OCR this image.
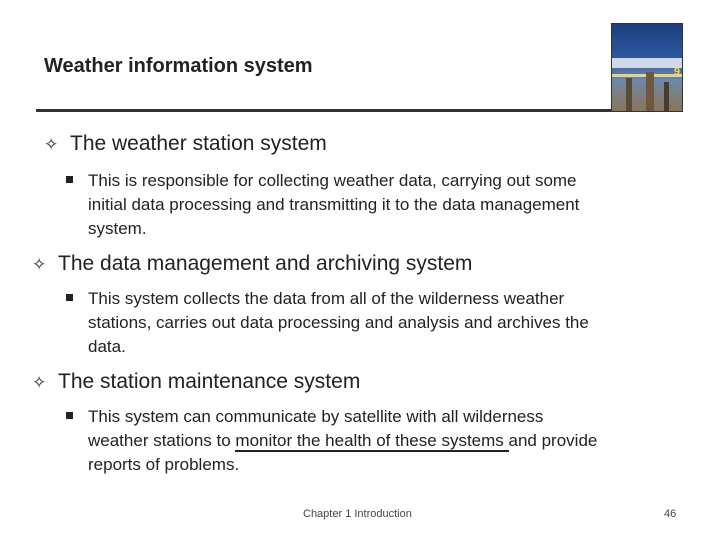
Weather information system	9
✧ The weather station system
This is responsible for collecting weather data, carrying out some
initial data processing and transmitting it to the data management
system.
✧ The data management and archiving system
This system collects the data from all of the wilderness weather
stations, carries out data processing and analysis and archives the
data.
✧ The station maintenance system
This system can communicate by satellite with all wilderness
weather stations to monitor the health of these systems and provide
reports of problems.
Chapter 1 Introduction	46
